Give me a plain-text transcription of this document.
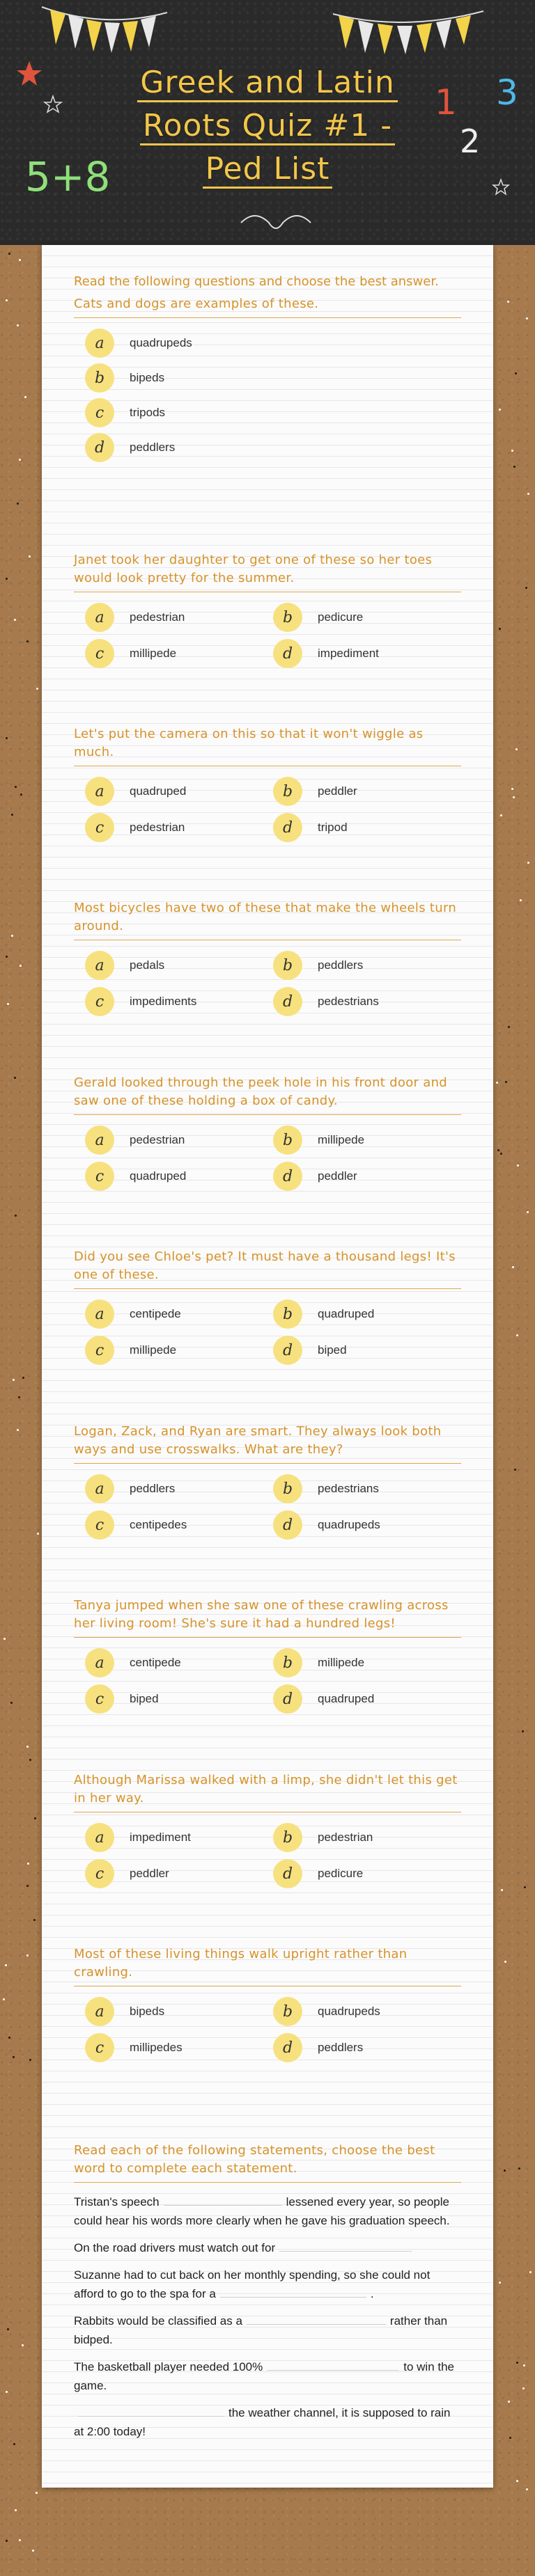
5+8
1
2
3
Greek and Latin
Roots Quiz #1 -
Ped List
Read the following questions and choose the best answer.
Cats and dogs are examples of these.
a	quadrupeds
b	bipeds
c	tripods
d	peddlers
Janet took her daughter to get one of these so her toes would look pretty for the summer.
a	pedestrian	b	pedicure
c	millipede	d	impediment
Let's put the camera on this so that it won't wiggle as much.
a	quadruped	b	peddler
c	pedestrian	d	tripod
Most bicycles have two of these that make the wheels turn around.
a	pedals	b	peddlers
c	impediments	d	pedestrians
Gerald looked through the peek hole in his front door and saw one of these holding a box of candy.
a	pedestrian	b	millipede
c	quadruped	d	peddler
Did you see Chloe's pet? It must have a thousand legs! It's one of these.
a	centipede	b	quadruped
c	millipede	d	biped
Logan, Zack, and Ryan are smart. They always look both ways and use crosswalks. What are they?
a	peddlers	b	pedestrians
c	centipedes	d	quadrupeds
Tanya jumped when she saw one of these crawling across her living room! She's sure it had a hundred legs!
a	centipede	b	millipede
c	biped	d	quadruped
Although Marissa walked with a limp, she didn't let this get in her way.
a	impediment	b	pedestrian
c	peddler	d	pedicure
Most of these living things walk upright rather than crawling.
a	bipeds	b	quadrupeds
c	millipedes	d	peddlers
Read each of the following statements, choose the best word to complete each statement.
Tristan's speech	lessened every year, so people could hear his words more clearly when he gave his graduation speech.
On the road drivers must watch out for
Suzanne had to cut back on her monthly spending, so she could not afford to go to the spa for a	.
Rabbits would be classified as a	rather than bidped.
The basketball player needed 100%	to win the game.
the weather channel, it is supposed to rain at 2:00 today!
